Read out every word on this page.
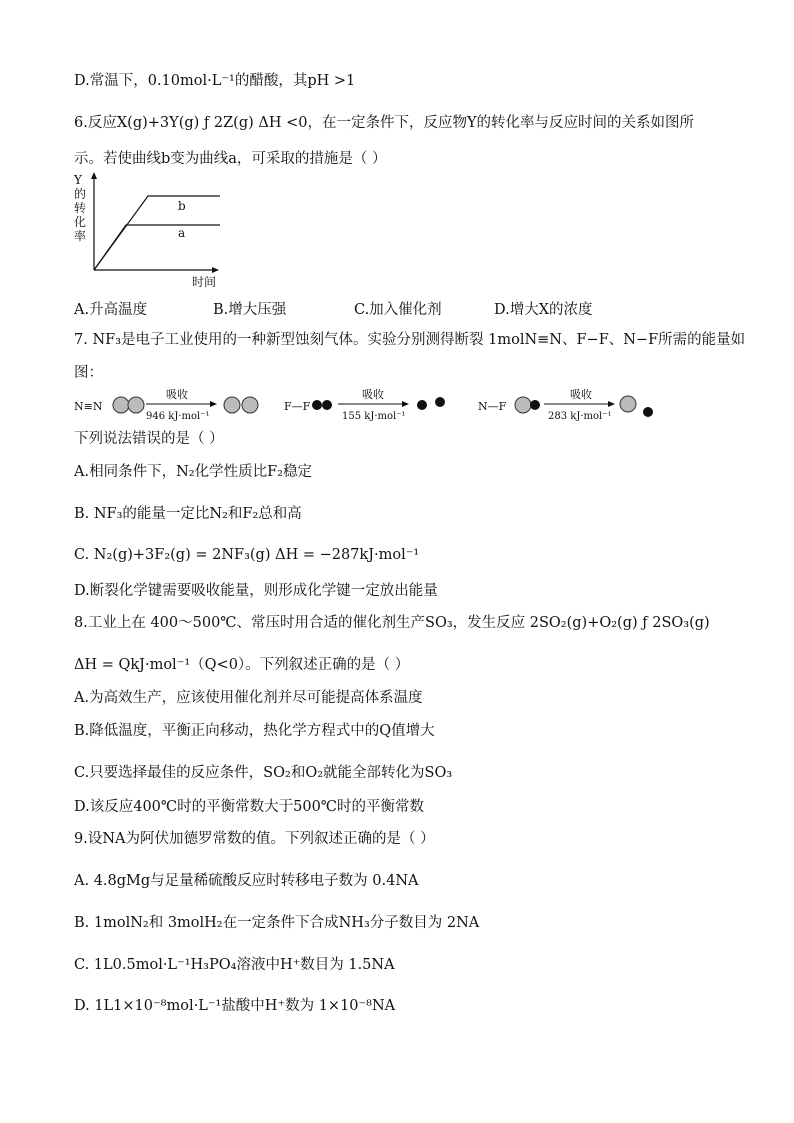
D.常温下，0.10mol·L⁻¹的醋酸，其pH >1
6.反应X(g)+3Y(g) ƒ 2Z(g) ΔH <0，在一定条件下，反应物Y的转化率与反应时间的关系如图所
示。若使曲线b变为曲线a，可采取的措施是（ ）
Y
的
转
化
率
b
a
时间
A.升高温度	B.增大压强	C.加入催化剂	D.增大X的浓度
7. NF₃是电子工业使用的一种新型蚀刻气体。实验分别测得断裂 1molN≡N、F−F、N−F所需的能量如
图：
N≡N
吸收
946 kJ·mol⁻¹
F—F
吸收
155 kJ·mol⁻¹
N—F
吸收
283 kJ·mol⁻¹
下列说法错误的是（ ）
A.相同条件下，N₂化学性质比F₂稳定
B. NF₃的能量一定比N₂和F₂总和高
C. N₂(g)+3F₂(g) = 2NF₃(g) ΔH = −287kJ·mol⁻¹
D.断裂化学键需要吸收能量，则形成化学键一定放出能量
8.工业上在 400～500℃、常压时用合适的催化剂生产SO₃，发生反应 2SO₂(g)+O₂(g) ƒ 2SO₃(g)
ΔH = QkJ·mol⁻¹（Q<0）。下列叙述正确的是（ ）
A.为高效生产，应该使用催化剂并尽可能提高体系温度
B.降低温度，平衡正向移动，热化学方程式中的Q值增大
C.只要选择最佳的反应条件，SO₂和O₂就能全部转化为SO₃
D.该反应400℃时的平衡常数大于500℃时的平衡常数
9.设NA为阿伏加德罗常数的值。下列叙述正确的是（ ）
A. 4.8gMg与足量稀硫酸反应时转移电子数为 0.4NA
B. 1molN₂和 3molH₂在一定条件下合成NH₃分子数目为 2NA
C. 1L0.5mol·L⁻¹H₃PO₄溶液中H⁺数目为 1.5NA
D. 1L1×10⁻⁸mol·L⁻¹盐酸中H⁺数为 1×10⁻⁸NA
